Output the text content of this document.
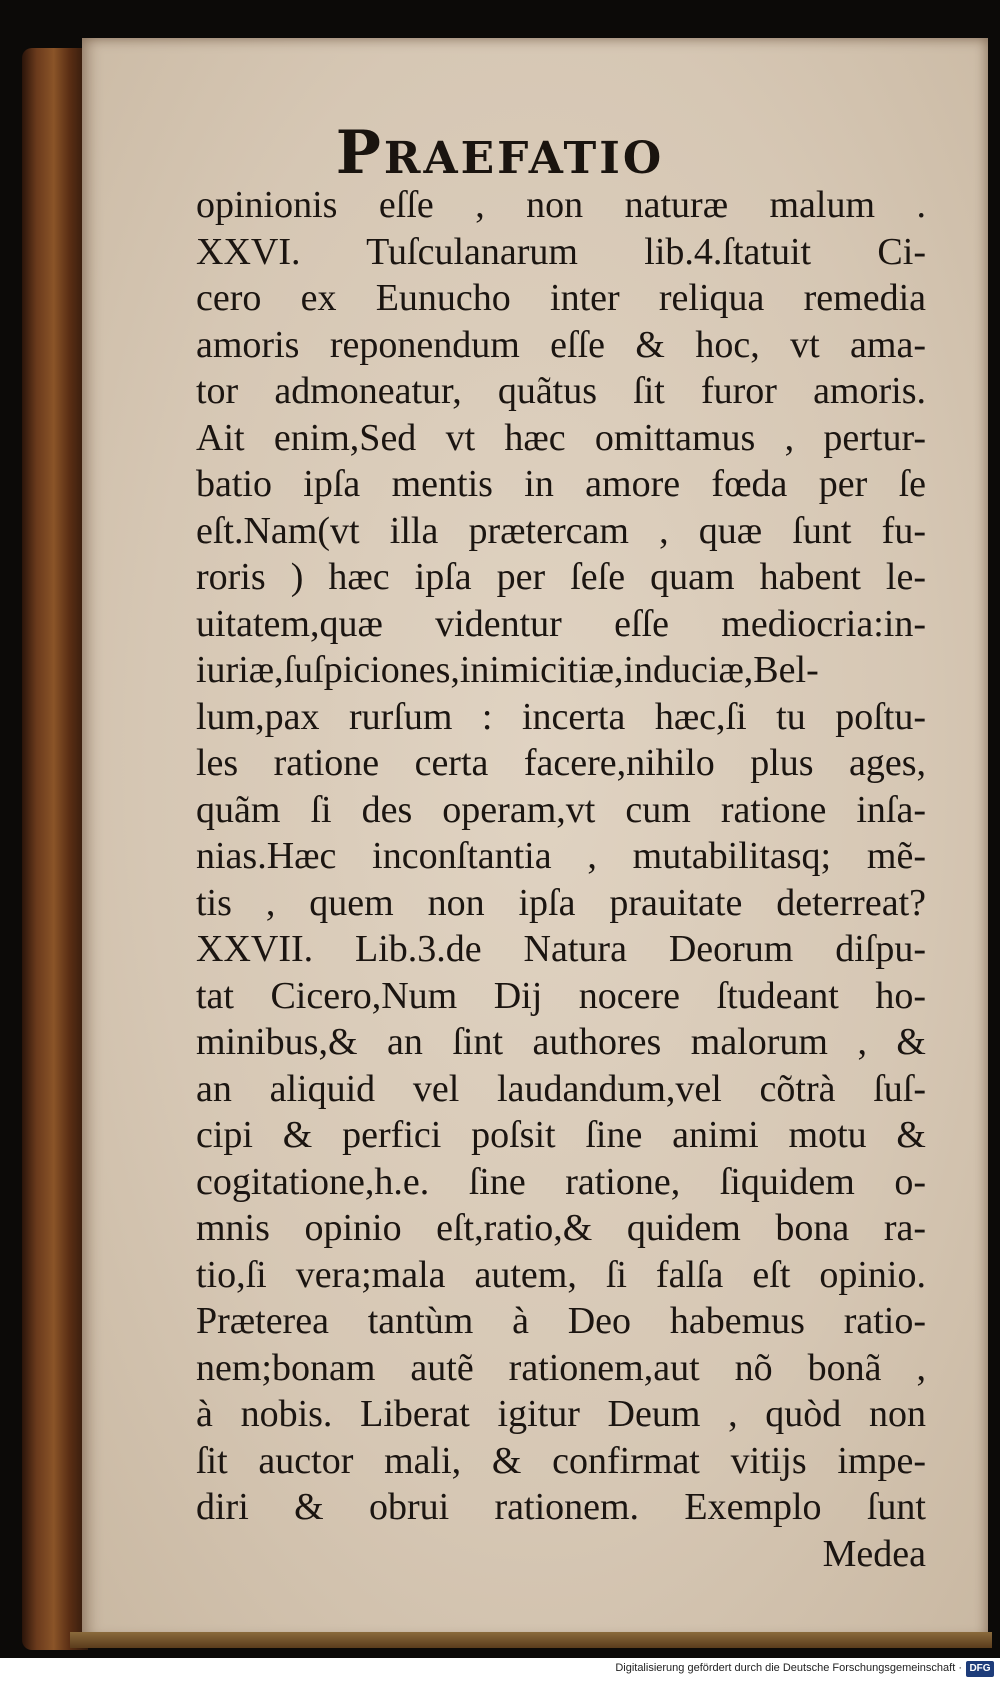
PRAEFATIO
opinionis eſſe , non naturæ malum .
XXVI. Tuſculanarum lib.4.ſtatuit Ci-
cero ex Eunucho inter reliqua remedia
amoris reponendum eſſe & hoc, vt ama-
tor admoneatur, quãtus ſit furor amoris.
Ait enim,Sed vt hæc omittamus , pertur-
batio ipſa mentis in amore fœda per ſe
eſt.Nam(vt illa prætercam , quæ ſunt fu-
roris ) hæc ipſa per ſeſe quam habent le-
uitatem,quæ videntur eſſe mediocria:in-
iuriæ,ſuſpiciones,inimicitiæ,induciæ,Bel-
lum,pax rurſum : incerta hæc,ſi tu poſtu-
les ratione certa facere,nihilo plus ages,
quãm ſi des operam,vt cum ratione inſa-
nias.Hæc inconſtantia , mutabilitasq; mẽ-
tis , quem non ipſa prauitate deterreat?
XXVII. Lib.3.de Natura Deorum diſpu-
tat Cicero,Num Dij nocere ſtudeant ho-
minibus,& an ſint authores malorum , &
an aliquid vel laudandum,vel cõtrà ſuſ-
cipi & perfici poſsit ſine animi motu &
cogitatione,h.e. ſine ratione, ſiquidem o-
mnis opinio eſt,ratio,& quidem bona ra-
tio,ſi vera;mala autem, ſi falſa eſt opinio.
Præterea tantùm à Deo habemus ratio-
nem;bonam autẽ rationem,aut nõ bonã ,
à nobis. Liberat igitur Deum , quòd non
ſit auctor mali, & confirmat vitijs impe-
diri & obrui rationem. Exemplo ſunt
Medea
Digitalisierung gefördert durch die Deutsche Forschungsgemeinschaft · DFG
